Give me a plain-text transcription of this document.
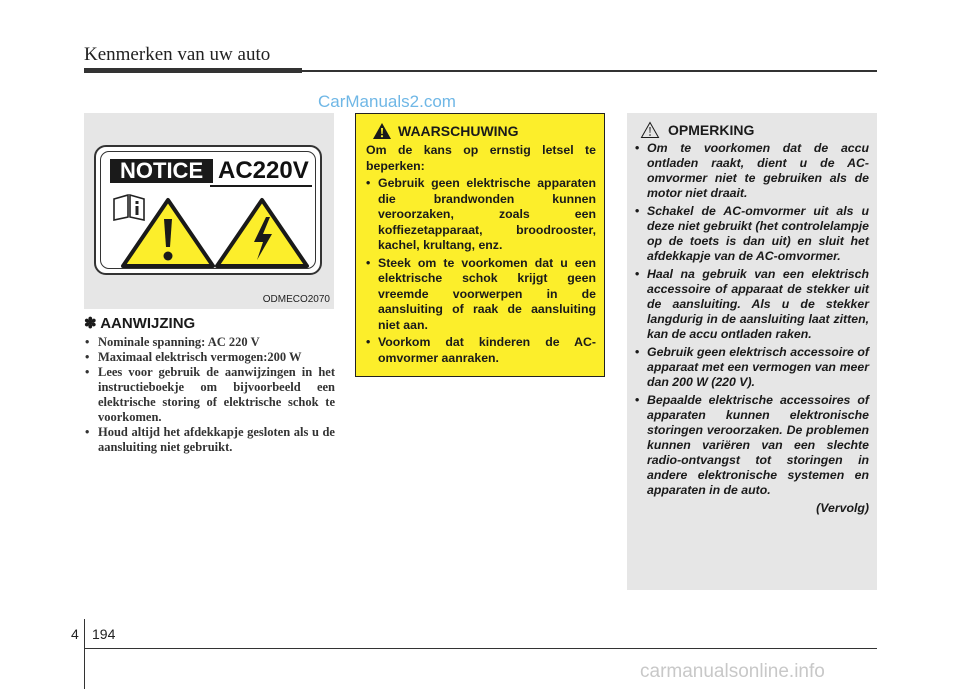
Kenmerken van uw auto
CarManuals2.com
NOTICE AC220V
ODMECO2070
✽ AANWIJZING
• Nominale spanning: AC 220 V
• Maximaal elektrisch vermogen:200 W
• Lees voor gebruik de aanwijzingen in het instructieboekje om bijvoorbeeld een elektrische storing of elektrische schok te voorkomen.
• Houd altijd het afdekkapje gesloten als u de aansluiting niet gebruikt.
WAARSCHUWING

Om de kans op ernstig letsel te beperken:

• Gebruik geen elektrische apparaten die brandwonden kunnen veroorzaken, zoals een koffiezetapparaat, broodrooster, kachel, krultang, enz.
• Steek om te voorkomen dat u een elektrische schok krijgt geen vreemde voorwerpen in de aansluiting of raak de aansluiting niet aan.
• Voorkom dat kinderen de AC-omvormer aanraken.
OPMERKING
• Om te voorkomen dat de accu ontladen raakt, dient u de AC-omvormer niet te gebruiken als de motor niet draait.
• Schakel de AC-omvormer uit als u deze niet gebruikt (het controlelampje op de toets is dan uit) en sluit het afdekkapje van de AC-omvormer.
• Haal na gebruik van een elektrisch accessoire of apparaat de stekker uit de aansluiting. Als u de stekker langdurig in de aansluiting laat zitten, kan de accu ontladen raken.
• Gebruik geen elektrisch accessoire of apparaat met een vermogen van meer dan 200 W (220 V).
• Bepaalde elektrische accessoires of apparaten kunnen elektronische storingen veroorzaken. De problemen kunnen variëren van een slechte radio-ontvangst tot storingen in andere elektronische systemen en apparaten in de auto.
(Vervolg)
4 194
carmanualsonline.info
